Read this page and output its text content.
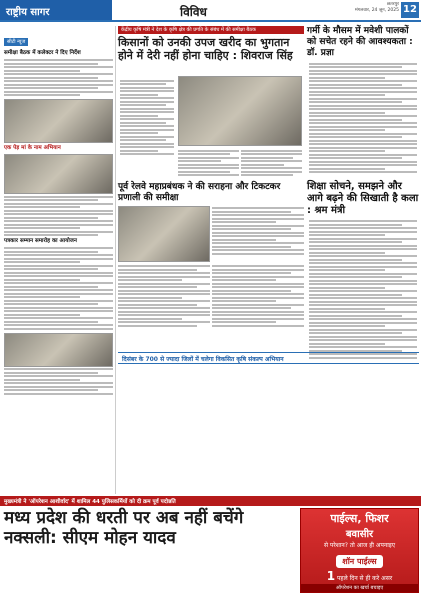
राष्ट्रीय सागर	विविध
छतरपुर
मंगलवार, 24 जून, 2025 12
सीटी न्यूज
समीक्षा बैठक में कलेक्टर ने दिए निर्देश
एक पेड़ मां के नाम अभियान
पत्रकार सम्मान समारोह का आयोजन
केंद्रीय कृषि मंत्री ने देश के कृषि क्षेत्र की प्रगति के संबंध में की समीक्षा बैठक
किसानों को उनकी उपज खरीद का भुगतान होने में देरी नहीं होना चाहिए : शिवराज सिंह
पूर्व रेलवे महाप्रबंधक ने की सराहना और टिकटकर प्रणाली की समीक्षा
गर्मी के मौसम में मवेशी पालकों को सचेत रहने की आवश्यकता : डॉ. प्रज्ञा
शिक्षा सोचने, समझने और आगे बढ़ने की सिखाती है कला : श्रम मंत्री
दिसंबर के 700 से ज्यादा जिलों में चलेगा विकसित कृषि संकल्प अभियान
मुख्यमंत्री ने 'ऑपरेशन आशीर्वाद' में शामिल 44 पुलिसकर्मियों को दी क्रम पूर्व पदोन्नति
मध्य प्रदेश की धरती पर अब नहीं बचेंगे नक्सली: सीएम मोहन यादव
पाईल्स, फिशर
बवासीर
से परेशान? तो आज ही अपनाइए
शॉन पाईल्स
1 पहले दिन से ही करे असर
ऑपरेशन का खर्चा बचाइए
